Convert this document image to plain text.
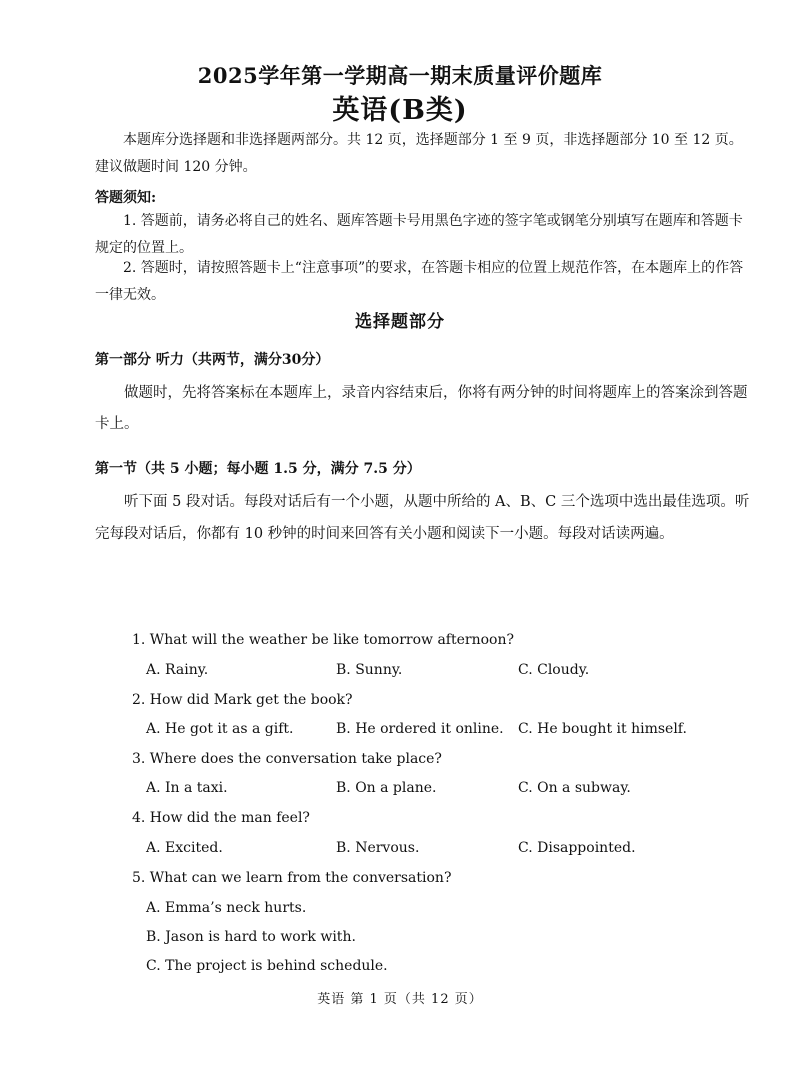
2025学年第一学期高一期末质量评价题库
英语(B类)

本题库分选择题和非选择题两部分。共 12 页，选择题部分 1 至 9 页，非选择题部分 10 至 12 页。建议做题时间 120 分钟。

答题须知:

1. 答题前，请务必将自己的姓名、题库答题卡号用黑色字迹的签字笔或钢笔分别填写在题库和答题卡规定的位置上。

2. 答题时，请按照答题卡上“注意事项”的要求，在答题卡相应的位置上规范作答，在本题库上的作答一律无效。

选择题部分

第一部分 听力（共两节，满分30分）

做题时，先将答案标在本题库上，录音内容结束后，你将有两分钟的时间将题库上的答案涂到答题卡上。

第一节（共 5 小题；每小题 1.5 分，满分 7.5 分）

听下面 5 段对话。每段对话后有一个小题，从题中所给的 A、B、C 三个选项中选出最佳选项。听完每段对话后，你都有 10 秒钟的时间来回答有关小题和阅读下一小题。每段对话读两遍。

1. What will the weather be like tomorrow afternoon?

A. Rainy.	B. Sunny.	C. Cloudy.

2. How did Mark get the book?

A. He got it as a gift.	B. He ordered it online. C. He bought it himself.

3. Where does the conversation take place?

A. In a taxi.	B. On a plane.	C. On a subway.

4. How did the man feel?

A. Excited.	B. Nervous.	C. Disappointed.

5. What can we learn from the conversation?

A. Emma’s neck hurts.

B. Jason is hard to work with.

C. The project is behind schedule.

英语 第 1 页（共 12 页）
